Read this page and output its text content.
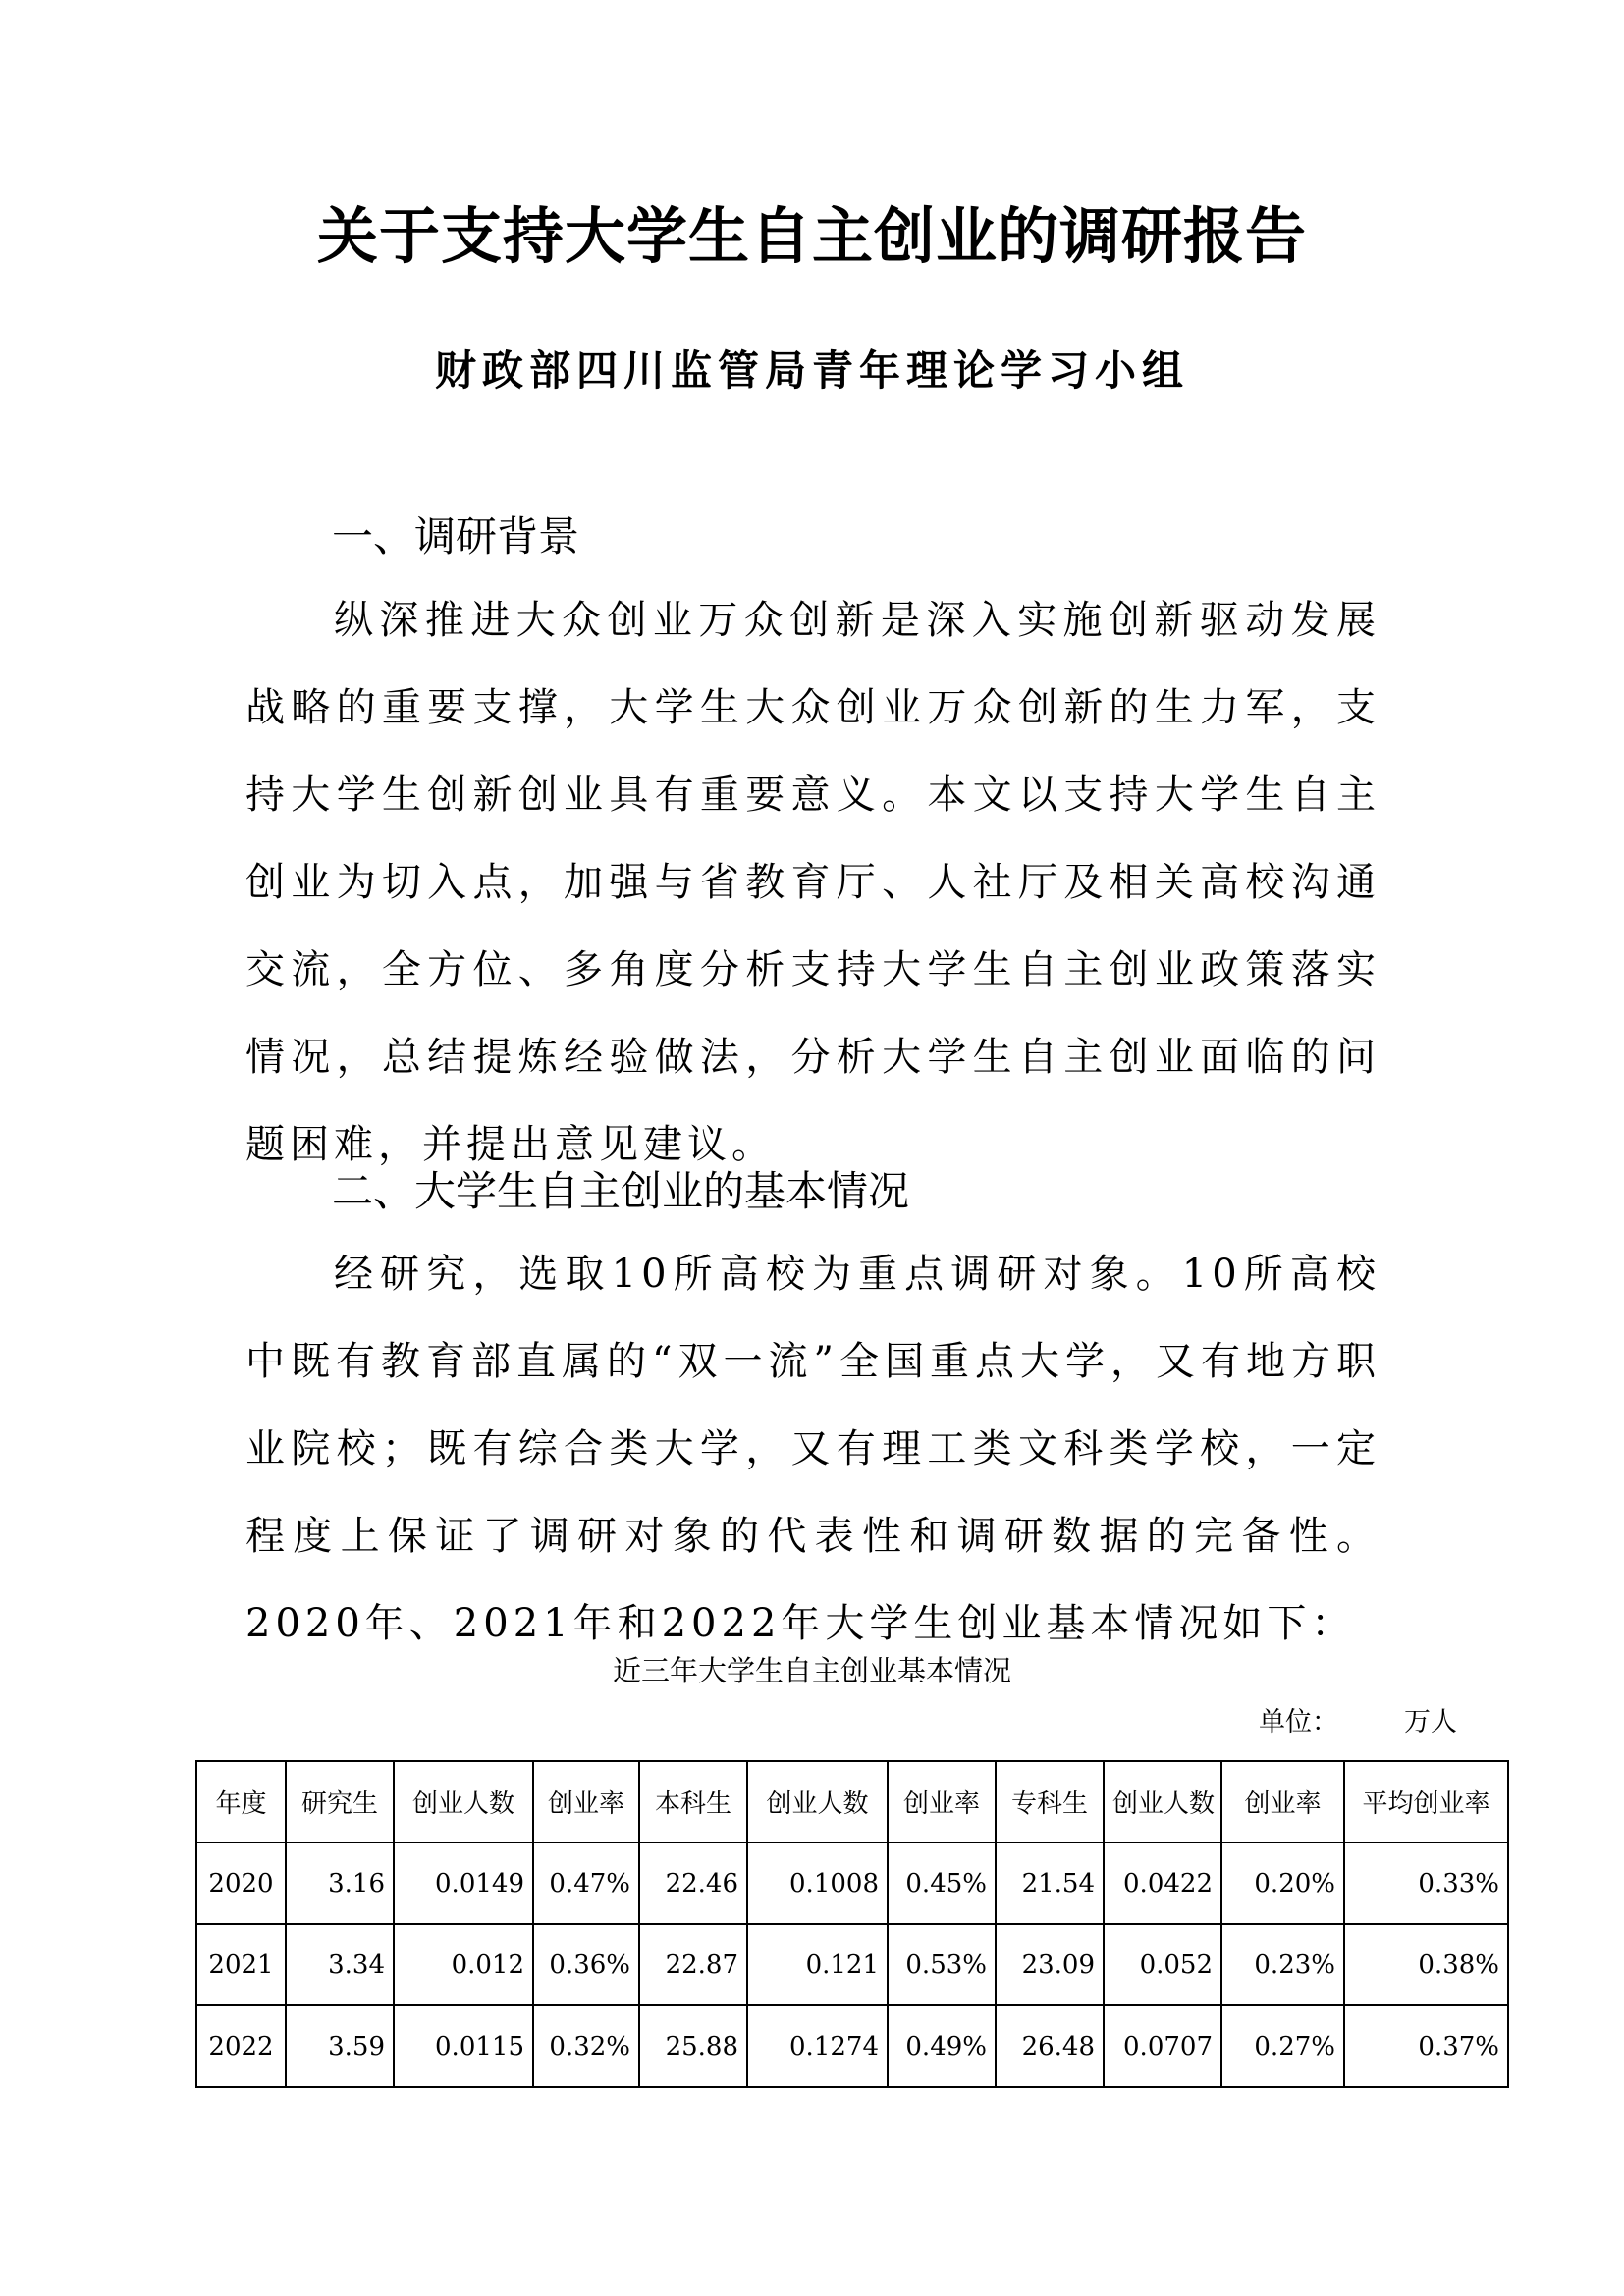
关于支持大学生自主创业的调研报告
财政部四川监管局青年理论学习小组
一、调研背景

纵深推进大众创业万众创新是深入实施创新驱动发展战略的重要支撑，大学生大众创业万众创新的生力军，支持大学生创新创业具有重要意义。本文以支持大学生自主创业为切入点，加强与省教育厅、人社厅及相关高校沟通交流，全方位、多角度分析支持大学生自主创业政策落实情况，总结提炼经验做法，分析大学生自主创业面临的问题困难，并提出意见建议。

二、大学生自主创业的基本情况

经研究，选取10所高校为重点调研对象。10所高校中既有教育部直属的“双一流”全国重点大学，又有地方职业院校；既有综合类大学，又有理工类文科类学校，一定程度上保证了调研对象的代表性和调研数据的完备性。2020年、2021年和2022年大学生创业基本情况如下：

近三年大学生自主创业基本情况
单位： 万人
年度	研究生	创业人数	创业率	本科生	创业人数	创业率	专科生	创业人数	创业率	平均创业率
2020	3.16	0.0149	0.47%	22.46	0.1008	0.45%	21.54	0.0422	0.20%	0.33%
2021	3.34	0.012	0.36%	22.87	0.121	0.53%	23.09	0.052	0.23%	0.38%
2022	3.59	0.0115	0.32%	25.88	0.1274	0.49%	26.48	0.0707	0.27%	0.37%
